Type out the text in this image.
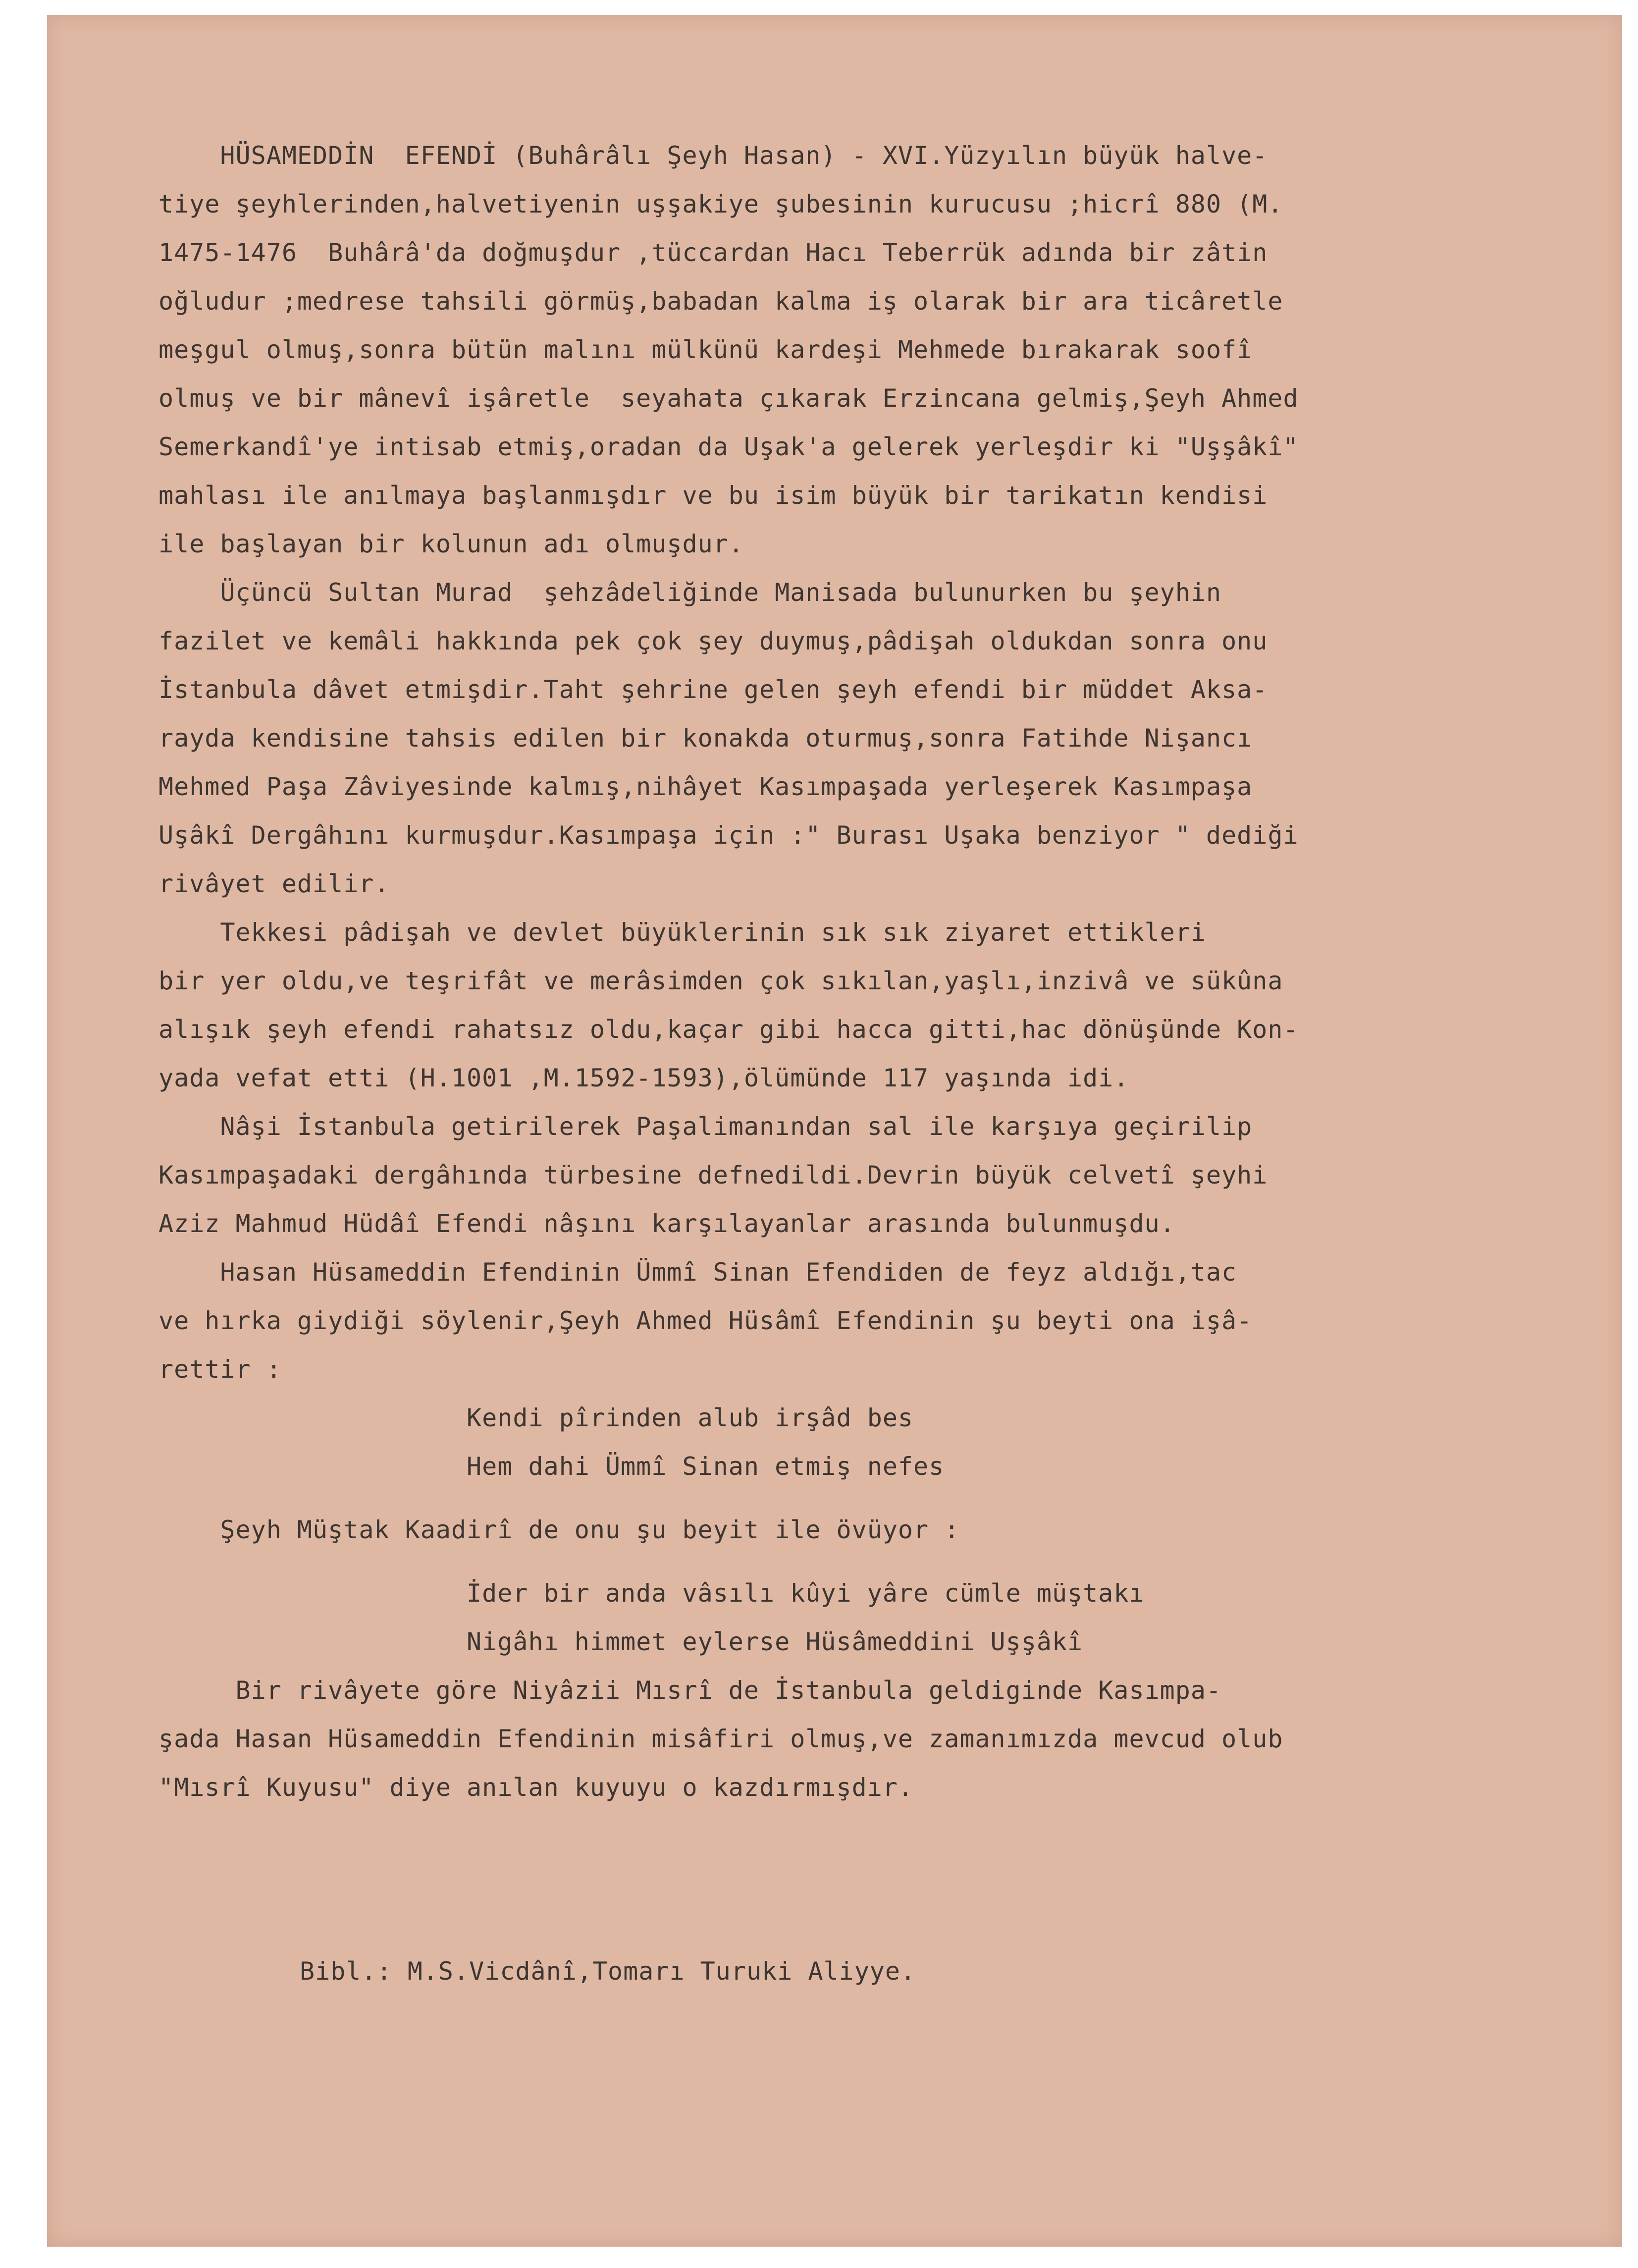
HÜSAMEDDİN  EFENDİ (Buhârâlı Şeyh Hasan) - XVI.Yüzyılın büyük halve-
tiye şeyhlerinden,halvetiyenin uşşakiye şubesinin kurucusu ;hicrî 880 (M.
1475-1476  Buhârâ'da doğmuşdur ,tüccardan Hacı Teberrük adında bir zâtin
oğludur ;medrese tahsili görmüş,babadan kalma iş olarak bir ara ticâretle
meşgul olmuş,sonra bütün malını mülkünü kardeşi Mehmede bırakarak soofî
olmuş ve bir mânevî işâretle  seyahata çıkarak Erzincana gelmiş,Şeyh Ahmed
Semerkandî'ye intisab etmiş,oradan da Uşak'a gelerek yerleşdir ki "Uşşâkî"
mahlası ile anılmaya başlanmışdır ve bu isim büyük bir tarikatın kendisi
ile başlayan bir kolunun adı olmuşdur.
Üçüncü Sultan Murad  şehzâdeliğinde Manisada bulunurken bu şeyhin
fazilet ve kemâli hakkında pek çok şey duymuş,pâdişah oldukdan sonra onu
İstanbula dâvet etmişdir.Taht şehrine gelen şeyh efendi bir müddet Aksa-
rayda kendisine tahsis edilen bir konakda oturmuş,sonra Fatihde Nişancı
Mehmed Paşa Zâviyesinde kalmış,nihâyet Kasımpaşada yerleşerek Kasımpaşa
Uşâkî Dergâhını kurmuşdur.Kasımpaşa için :" Burası Uşaka benziyor " dediği
rivâyet edilir.
Tekkesi pâdişah ve devlet büyüklerinin sık sık ziyaret ettikleri
bir yer oldu,ve teşrifât ve merâsimden çok sıkılan,yaşlı,inzivâ ve sükûna
alışık şeyh efendi rahatsız oldu,kaçar gibi hacca gitti,hac dönüşünde Kon-
yada vefat etti (H.1001 ,M.1592-1593),ölümünde 117 yaşında idi.
Nâşi İstanbula getirilerek Paşalimanından sal ile karşıya geçirilip
Kasımpaşadaki dergâhında türbesine defnedildi.Devrin büyük celvetî şeyhi
Aziz Mahmud Hüdâî Efendi nâşını karşılayanlar arasında bulunmuşdu.
Hasan Hüsameddin Efendinin Ümmî Sinan Efendiden de feyz aldığı,tac
ve hırka giydiği söylenir,Şeyh Ahmed Hüsâmî Efendinin şu beyti ona işâ-
rettir :
Kendi pîrinden alub irşâd bes
Hem dahi Ümmî Sinan etmiş nefes
Şeyh Müştak Kaadirî de onu şu beyit ile övüyor :
İder bir anda vâsılı kûyi yâre cümle müştakı
Nigâhı himmet eylerse Hüsâmeddini Uşşâkî
Bir rivâyete göre Niyâzii Mısrî de İstanbula geldiginde Kasımpa-
şada Hasan Hüsameddin Efendinin misâfiri olmuş,ve zamanımızda mevcud olub
"Mısrî Kuyusu" diye anılan kuyuyu o kazdırmışdır.
Bibl.: M.S.Vicdânî,Tomarı Turuki Aliyye.
